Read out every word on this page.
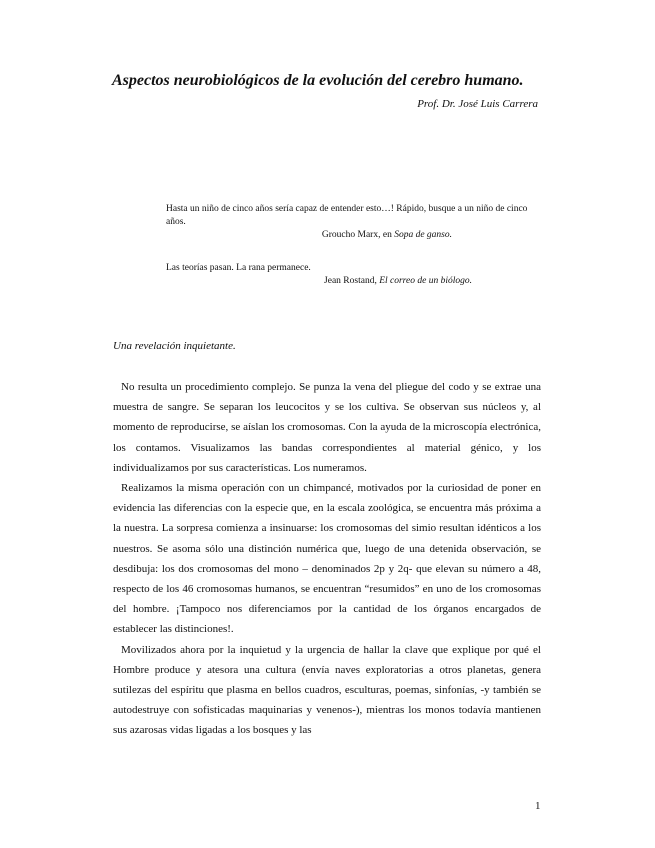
Aspectos neurobiológicos de la evolución del cerebro humano.
Prof. Dr. José Luis Carrera
Hasta un niño de cinco años sería capaz de entender esto…! Rápido, busque a un niño de cinco años.
Groucho Marx, en Sopa de ganso.
Las teorías pasan. La rana permanece.
Jean Rostand, El correo de un biólogo.
Una revelación inquietante.

No resulta un procedimiento complejo. Se punza la vena del pliegue del codo y se extrae una muestra de sangre. Se separan los leucocitos y se los cultiva. Se observan sus núcleos y, al momento de reproducirse, se aíslan los cromosomas. Con la ayuda de la microscopía electrónica, los contamos. Visualizamos las bandas correspondientes al material génico, y los individualizamos por sus características. Los numeramos.

Realizamos la misma operación con un chimpancé, motivados por la curiosidad de poner en evidencia las diferencias con la especie que, en la escala zoológica, se encuentra más próxima a la nuestra. La sorpresa comienza a insinuarse: los cromosomas del simio resultan idénticos a los nuestros. Se asoma sólo una distinción numérica que, luego de una detenida observación, se desdibuja: los dos cromosomas del mono – denominados 2p y 2q- que elevan su número a 48, respecto de los 46 cromosomas humanos, se encuentran “resumidos” en uno de los cromosomas del hombre. ¡Tampoco nos diferenciamos por la cantidad de los órganos encargados de establecer las distinciones!.

Movilizados ahora por la inquietud y la urgencia de hallar la clave que explique por qué el Hombre produce y atesora una cultura (envía naves exploratorias a otros planetas, genera sutilezas del espíritu que plasma en bellos cuadros, esculturas, poemas, sinfonías, -y también se autodestruye con sofisticadas maquinarias y venenos-), mientras los monos todavía mantienen sus azarosas vidas ligadas a los bosques y las

1
